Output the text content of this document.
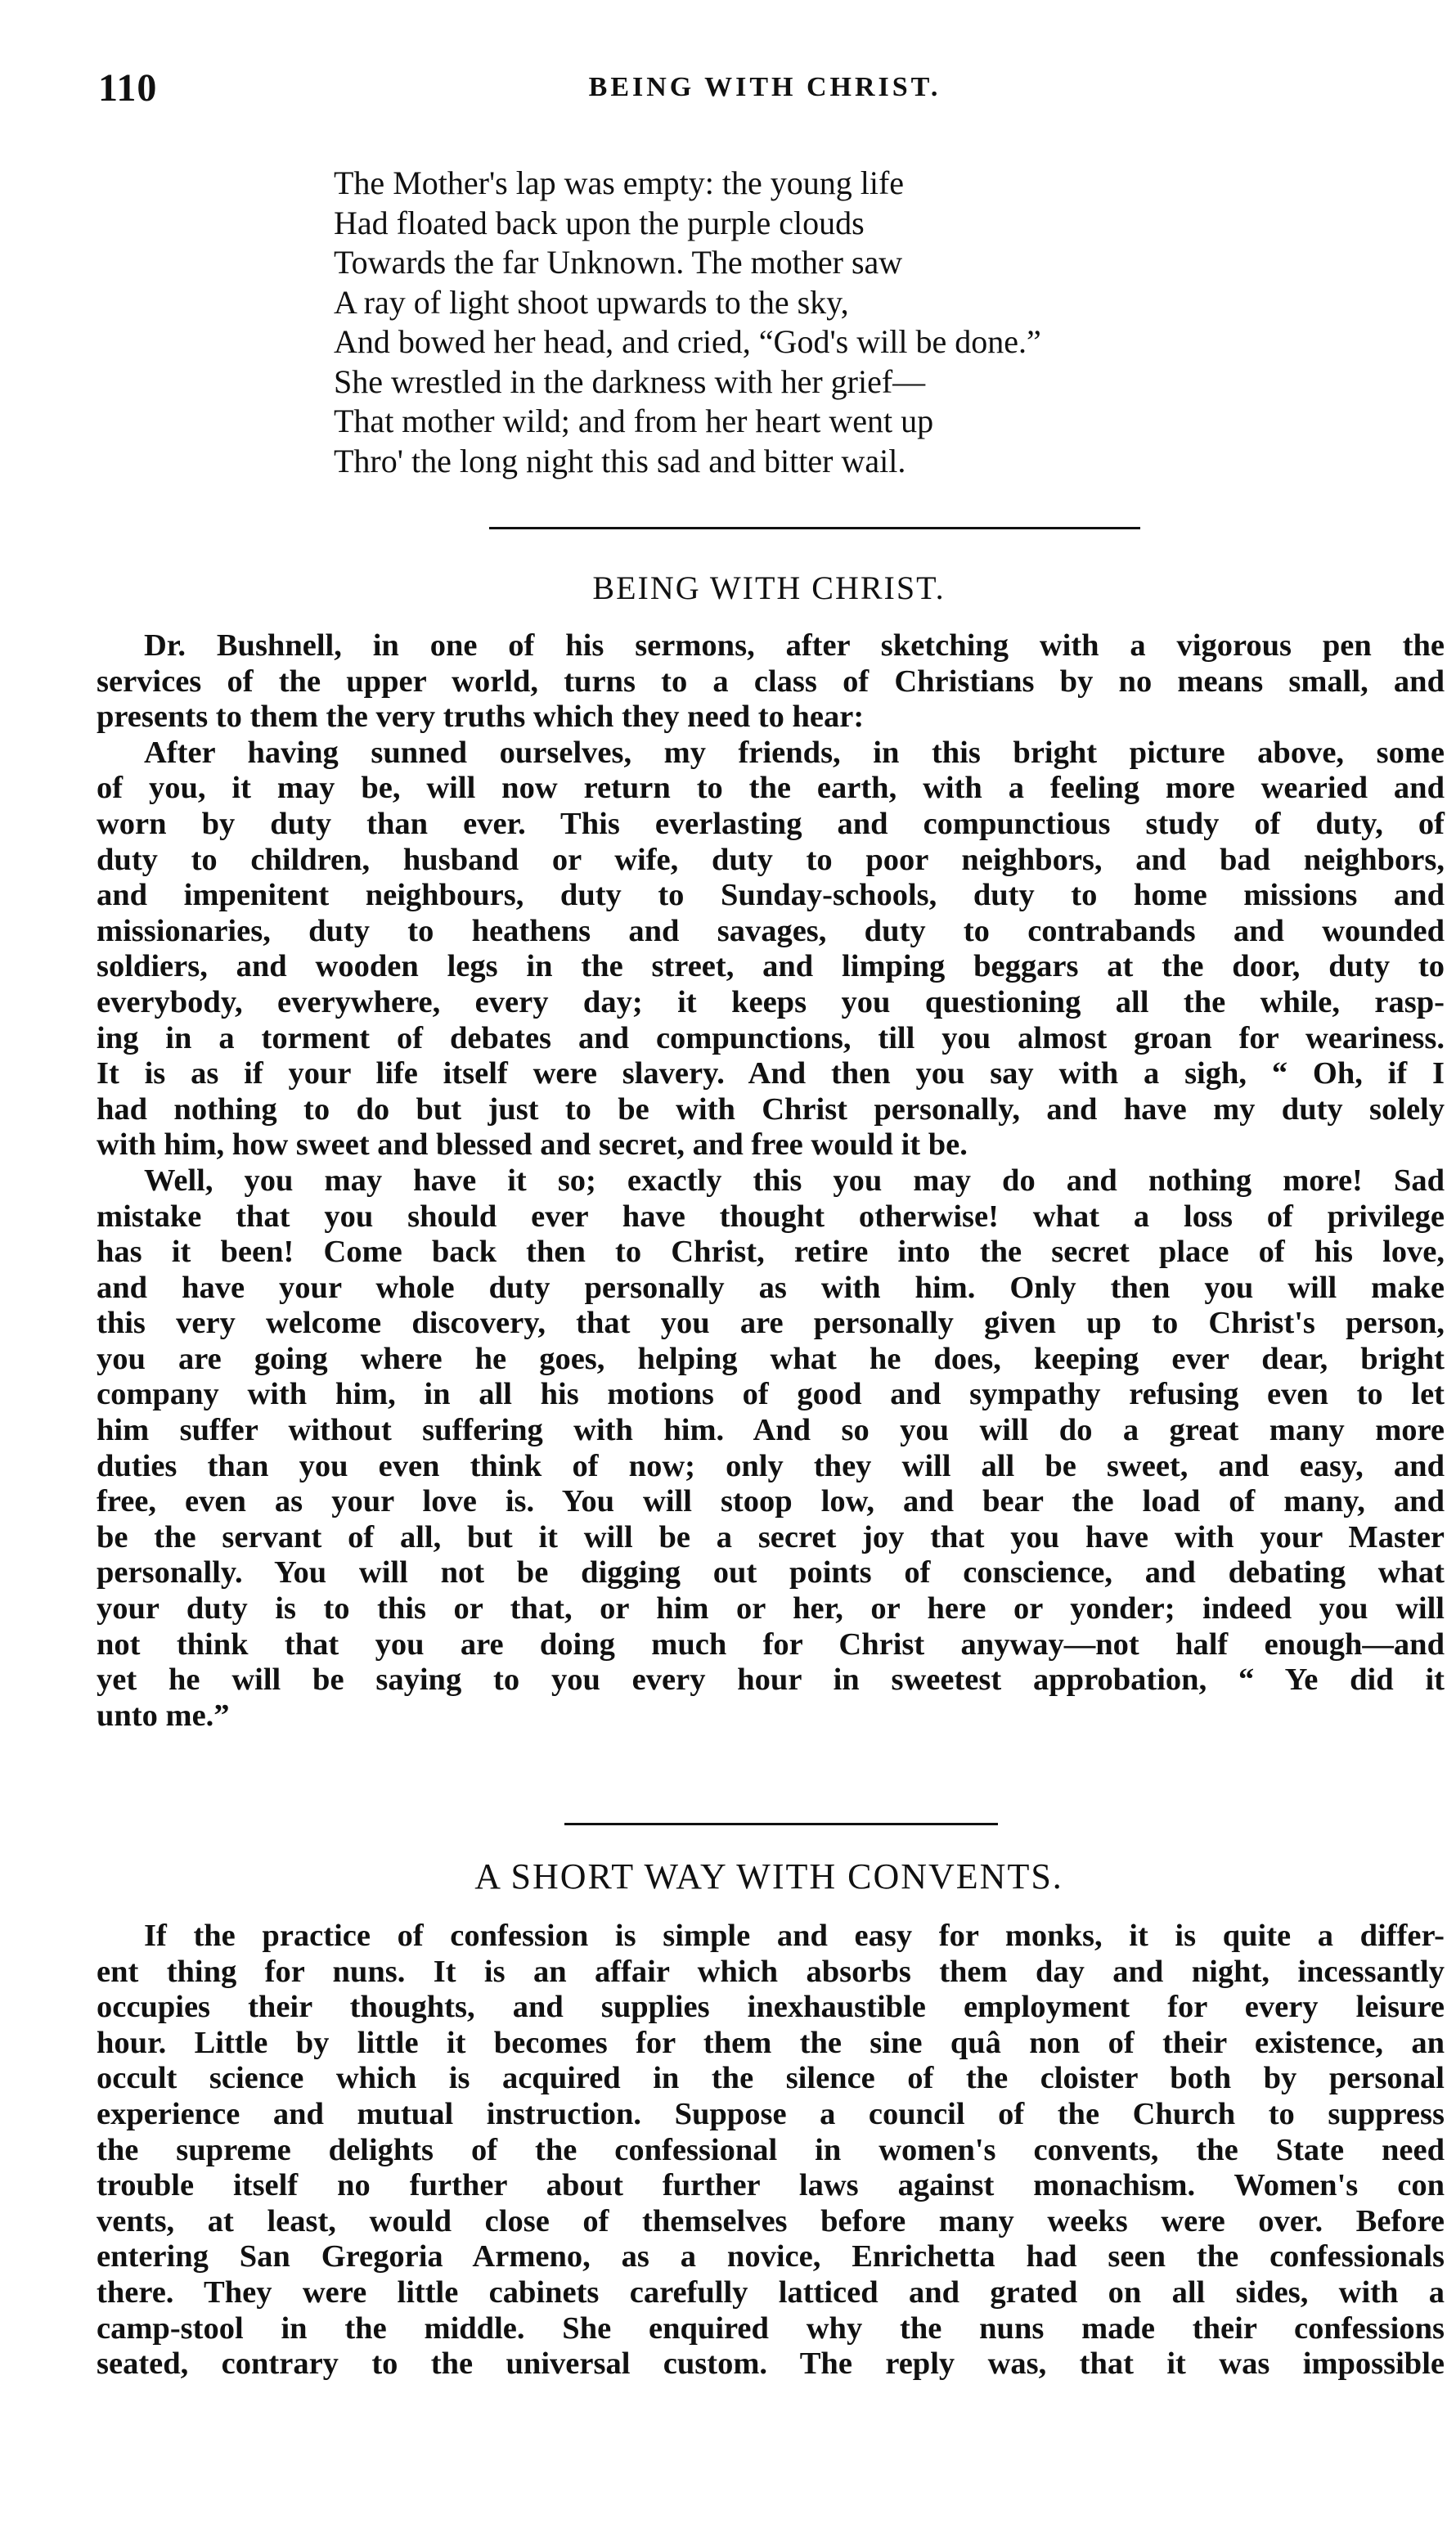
110	BEING WITH CHRIST.
The Mother's lap was empty: the young life Had floated back upon the purple clouds Towards the far Unknown. The mother saw A ray of light shoot upwards to the sky, And bowed her head, and cried, “God's will be done.” She wrestled in the darkness with her grief— That mother wild; and from her heart went up Thro' the long night this sad and bitter wail.
BEING WITH CHRIST.
Dr. Bushnell, in one of his sermons, after sketching with a vigorous pen the
services of the upper world, turns to a class of Christians by no means small, and
presents to them the very truths which they need to hear:
After having sunned ourselves, my friends, in this bright picture above, some
of you, it may be, will now return to the earth, with a feeling more wearied and
worn by duty than ever. This everlasting and compunctious study of duty, of
duty to children, husband or wife, duty to poor neighbors, and bad neighbors,
and impenitent neighbours, duty to Sunday-schools, duty to home missions and
missionaries, duty to heathens and savages, duty to contrabands and wounded
soldiers, and wooden legs in the street, and limping beggars at the door, duty to
everybody, everywhere, every day; it keeps you questioning all the while, rasp-
ing in a torment of debates and compunctions, till you almost groan for weariness.
It is as if your life itself were slavery. And then you say with a sigh, “ Oh, if I
had nothing to do but just to be with Christ personally, and have my duty solely
with him, how sweet and blessed and secret, and free would it be.
Well, you may have it so; exactly this you may do and nothing more! Sad
mistake that you should ever have thought otherwise! what a loss of privilege
has it been! Come back then to Christ, retire into the secret place of his love,
and have your whole duty personally as with him. Only then you will make
this very welcome discovery, that you are personally given up to Christ's person,
you are going where he goes, helping what he does, keeping ever dear, bright
company with him, in all his motions of good and sympathy refusing even to let
him suffer without suffering with him. And so you will do a great many more
duties than you even think of now; only they will all be sweet, and easy, and
free, even as your love is. You will stoop low, and bear the load of many, and
be the servant of all, but it will be a secret joy that you have with your Master
personally. You will not be digging out points of conscience, and debating what
your duty is to this or that, or him or her, or here or yonder; indeed you will
not think that you are doing much for Christ anyway—not half enough—and
yet he will be saying to you every hour in sweetest approbation, “ Ye did it
unto me.”
A SHORT WAY WITH CONVENTS.
If the practice of confession is simple and easy for monks, it is quite a differ-
ent thing for nuns. It is an affair which absorbs them day and night, incessantly
occupies their thoughts, and supplies inexhaustible employment for every leisure
hour. Little by little it becomes for them the sine quâ non of their existence, an
occult science which is acquired in the silence of the cloister both by personal
experience and mutual instruction. Suppose a council of the Church to suppress
the supreme delights of the confessional in women's convents, the State need
trouble itself no further about further laws against monachism. Women's con
vents, at least, would close of themselves before many weeks were over. Before
entering San Gregoria Armeno, as a novice, Enrichetta had seen the confessionals
there. They were little cabinets carefully latticed and grated on all sides, with a
camp-stool in the middle. She enquired why the nuns made their confessions
seated, contrary to the universal custom. The reply was, that it was impossible
